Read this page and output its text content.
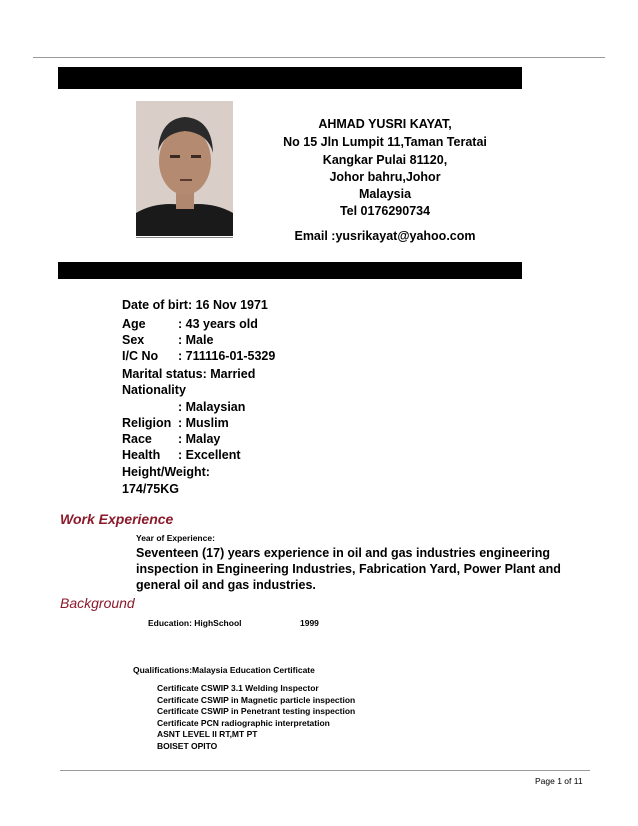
AHMAD YUSRI KAYAT,
No 15 Jln Lumpit 11,Taman Teratai
Kangkar Pulai 81120,
Johor bahru,Johor
Malaysia
Tel 0176290734
Email :yusrikayat@yahoo.com
Date of birt: 16 Nov 1971
Age	: 43 years old
Sex	: Male
I/C No : 711116-01-5329
Marital status: Married
Nationality
: Malaysian
Religion : Muslim
Race : Malay
Health : Excellent
Height/Weight:
174/75KG
Work Experience
Year of Experience:
Seventeen (17) years experience in oil and gas industries engineering inspection in Engineering Industries, Fabrication Yard, Power Plant and general oil and gas industries.
Background
Education: HighSchool	1999
Qualifications:Malaysia Education Certificate
Certificate CSWIP 3.1 Welding Inspector
Certificate CSWIP in Magnetic particle inspection
Certificate CSWIP in Penetrant testing inspection
Certificate PCN radiographic interpretation
ASNT LEVEL II RT,MT PT
BOISET OPITO
Page 1 of 11
